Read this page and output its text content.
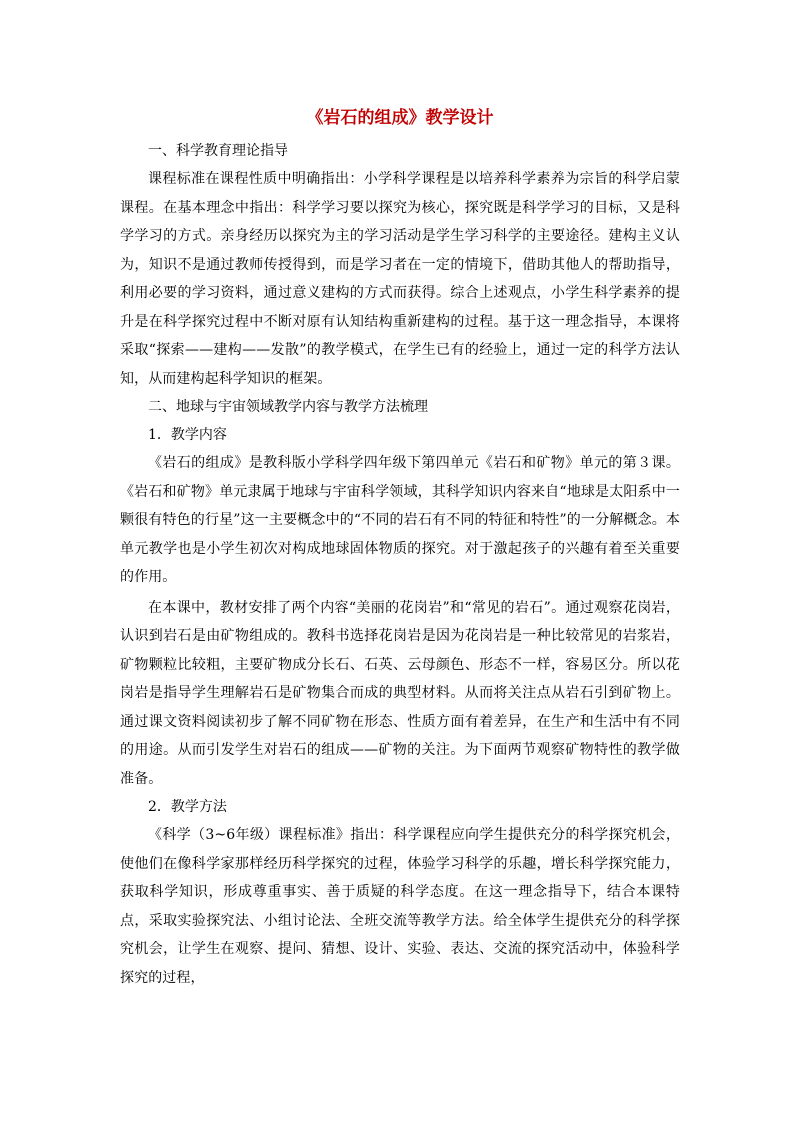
《岩石的组成》教学设计

一、科学教育理论指导

课程标准在课程性质中明确指出：小学科学课程是以培养科学素养为宗旨的科学启蒙课程。在基本理念中指出：科学学习要以探究为核心，探究既是科学学习的目标，又是科学学习的方式。亲身经历以探究为主的学习活动是学生学习科学的主要途径。建构主义认为，知识不是通过教师传授得到，而是学习者在一定的情境下，借助其他人的帮助指导，利用必要的学习资料，通过意义建构的方式而获得。综合上述观点，小学生科学素养的提升是在科学探究过程中不断对原有认知结构重新建构的过程。基于这一理念指导，本课将采取“探索——建构——发散”的教学模式，在学生已有的经验上，通过一定的科学方法认知，从而建构起科学知识的框架。

二、地球与宇宙领域教学内容与教学方法梳理

1．教学内容

《岩石的组成》是教科版小学科学四年级下第四单元《岩石和矿物》单元的第３课。《岩石和矿物》单元隶属于地球与宇宙科学领域，其科学知识内容来自“地球是太阳系中一颗很有特色的行星”这一主要概念中的“不同的岩石有不同的特征和特性”的一分解概念。本单元教学也是小学生初次对构成地球固体物质的探究。对于激起孩子的兴趣有着至关重要的作用。

在本课中，教材安排了两个内容“美丽的花岗岩”和“常见的岩石”。通过观察花岗岩，认识到岩石是由矿物组成的。教科书选择花岗岩是因为花岗岩是一种比较常见的岩浆岩，矿物颗粒比较粗，主要矿物成分长石、石英、云母颜色、形态不一样，容易区分。所以花岗岩是指导学生理解岩石是矿物集合而成的典型材料。从而将关注点从岩石引到矿物上。通过课文资料阅读初步了解不同矿物在形态、性质方面有着差异，在生产和生活中有不同的用途。从而引发学生对岩石的组成——矿物的关注。为下面两节观察矿物特性的教学做准备。

2．教学方法

《科学（3~6年级）课程标准》指出：科学课程应向学生提供充分的科学探究机会，使他们在像科学家那样经历科学探究的过程，体验学习科学的乐趣，增长科学探究能力，获取科学知识，形成尊重事实、善于质疑的科学态度。在这一理念指导下，结合本课特点，采取实验探究法、小组讨论法、全班交流等教学方法。给全体学生提供充分的科学探究机会，让学生在观察、提问、猜想、设计、实验、表达、交流的探究活动中，体验科学探究的过程，
